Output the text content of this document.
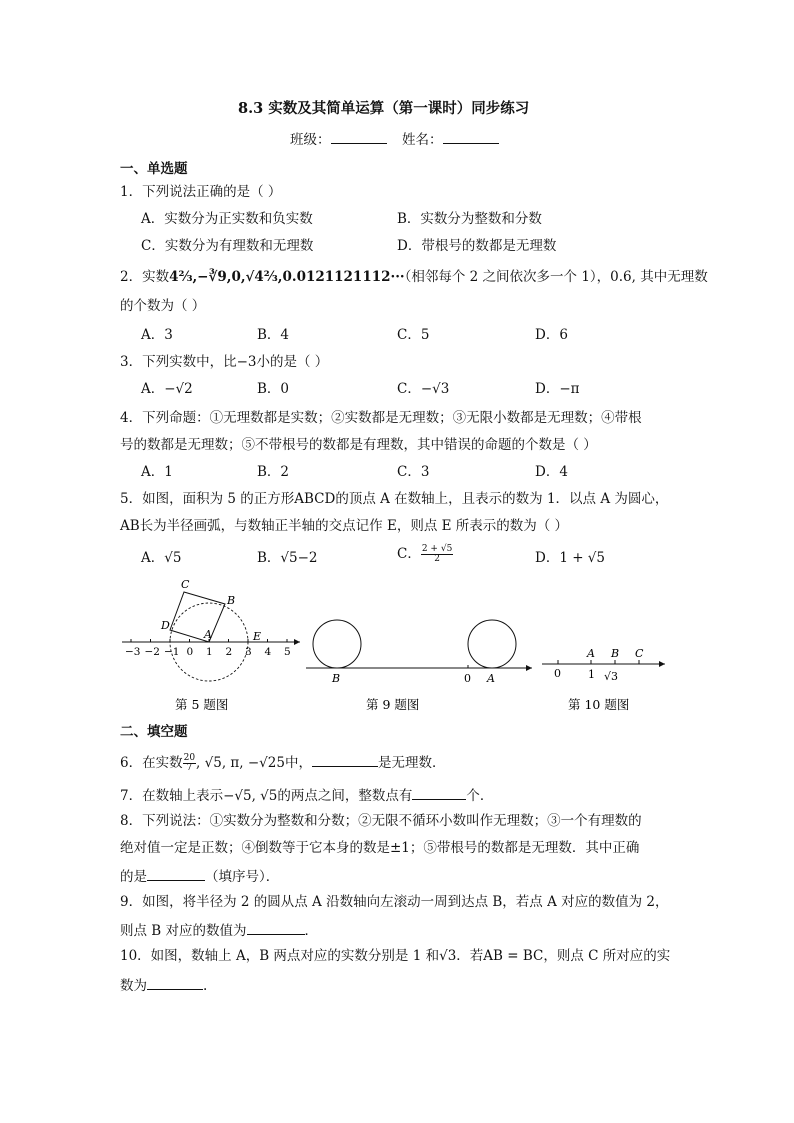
8.3 实数及其简单运算（第一课时）同步练习
班级：	姓名：
一、单选题
1．下列说法正确的是（ ）
A．实数分为正实数和负实数	B．实数分为整数和分数
C．实数分为有理数和无理数	D．带根号的数都是无理数
2．实数4⅔,−∛9,0,√4⅔,0.0121121112···（相邻每个 2 之间依次多一个 1），0.6, 其中无理数
的个数为（ ）
A．3	B．4	C．5	D．6
3．下列实数中，比−3小的是（ ）
A．−√2	B．0	C．−√3	D．−π
4．下列命题：①无理数都是实数；②实数都是无理数；③无限小数都是无理数；④带根
号的数都是无理数；⑤不带根号的数都是有理数，其中错误的命题的个数是（ ）
A．1	B．2	C．3	D．4
5．如图，面积为 5 的正方形ABCD的顶点 A 在数轴上，且表示的数为 1．以点 A 为圆心，
AB长为半径画弧，与数轴正半轴的交点记作 E，则点 E 所表示的数为（ ）
A．√5	B．√5−2	C． $\frac{2 + √5}{2}$	D．1 + √5
−3 −2 −1 0 1 2 3 4 5
C
B
D
A	E
B	0 A	0
A
1
B
√3
C
第 5 题图	第 9 题图	第 10 题图
二、填空题
6．在实数 $\frac{20}{7}$ , √5, π, −√25中，	是无理数．
7．在数轴上表示−√5, √5的两点之间，整数点有	个．
8．下列说法：①实数分为整数和分数；②无限不循环小数叫作无理数；③一个有理数的
绝对值一定是正数；④倒数等于它本身的数是±1；⑤带根号的数都是无理数．其中正确
的是	（填序号）．
9．如图，将半径为 2 的圆从点 A 沿数轴向左滚动一周到达点 B，若点 A 对应的数值为 2，
则点 B 对应的数值为	．
10．如图，数轴上 A，B 两点对应的实数分别是 1 和√3．若AB = BC，则点 C 所对应的实
数为	.
